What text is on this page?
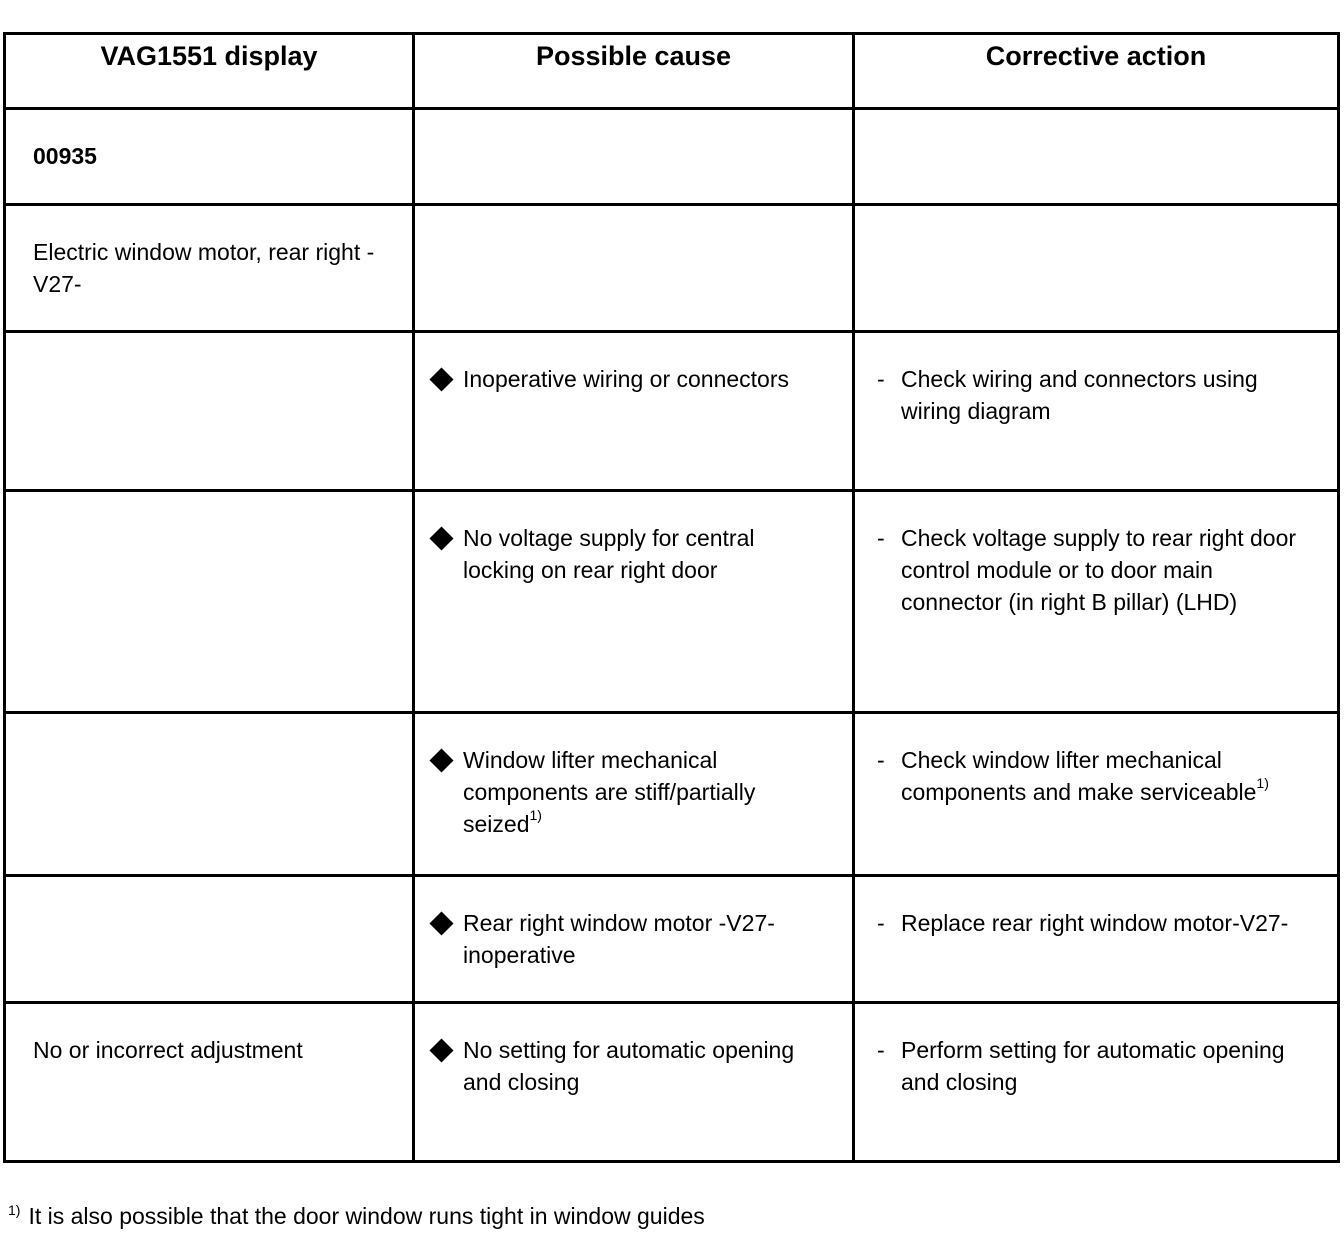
VAG1551 display	Possible cause	Corrective action
00935		
Electric window motor, rear right -V27-		

	Inoperative wiring or connectors	- Check wiring and connectors using wiring diagram

	No voltage supply for central locking on rear right door	- Check voltage supply to rear right door control module or to door main connector (in right B pillar) (LHD)

	Window lifter mechanical components are stiff/partially seized$^{1)}$	- Check window lifter mechanical components and make serviceable$^{1)}$

	Rear right window motor -V27- inoperative	- Replace rear right window motor-V27-

No or incorrect adjustment	No setting for automatic opening and closing	- Perform setting for automatic opening and closing
$^{1)}$ It is also possible that the door window runs tight in window guides
